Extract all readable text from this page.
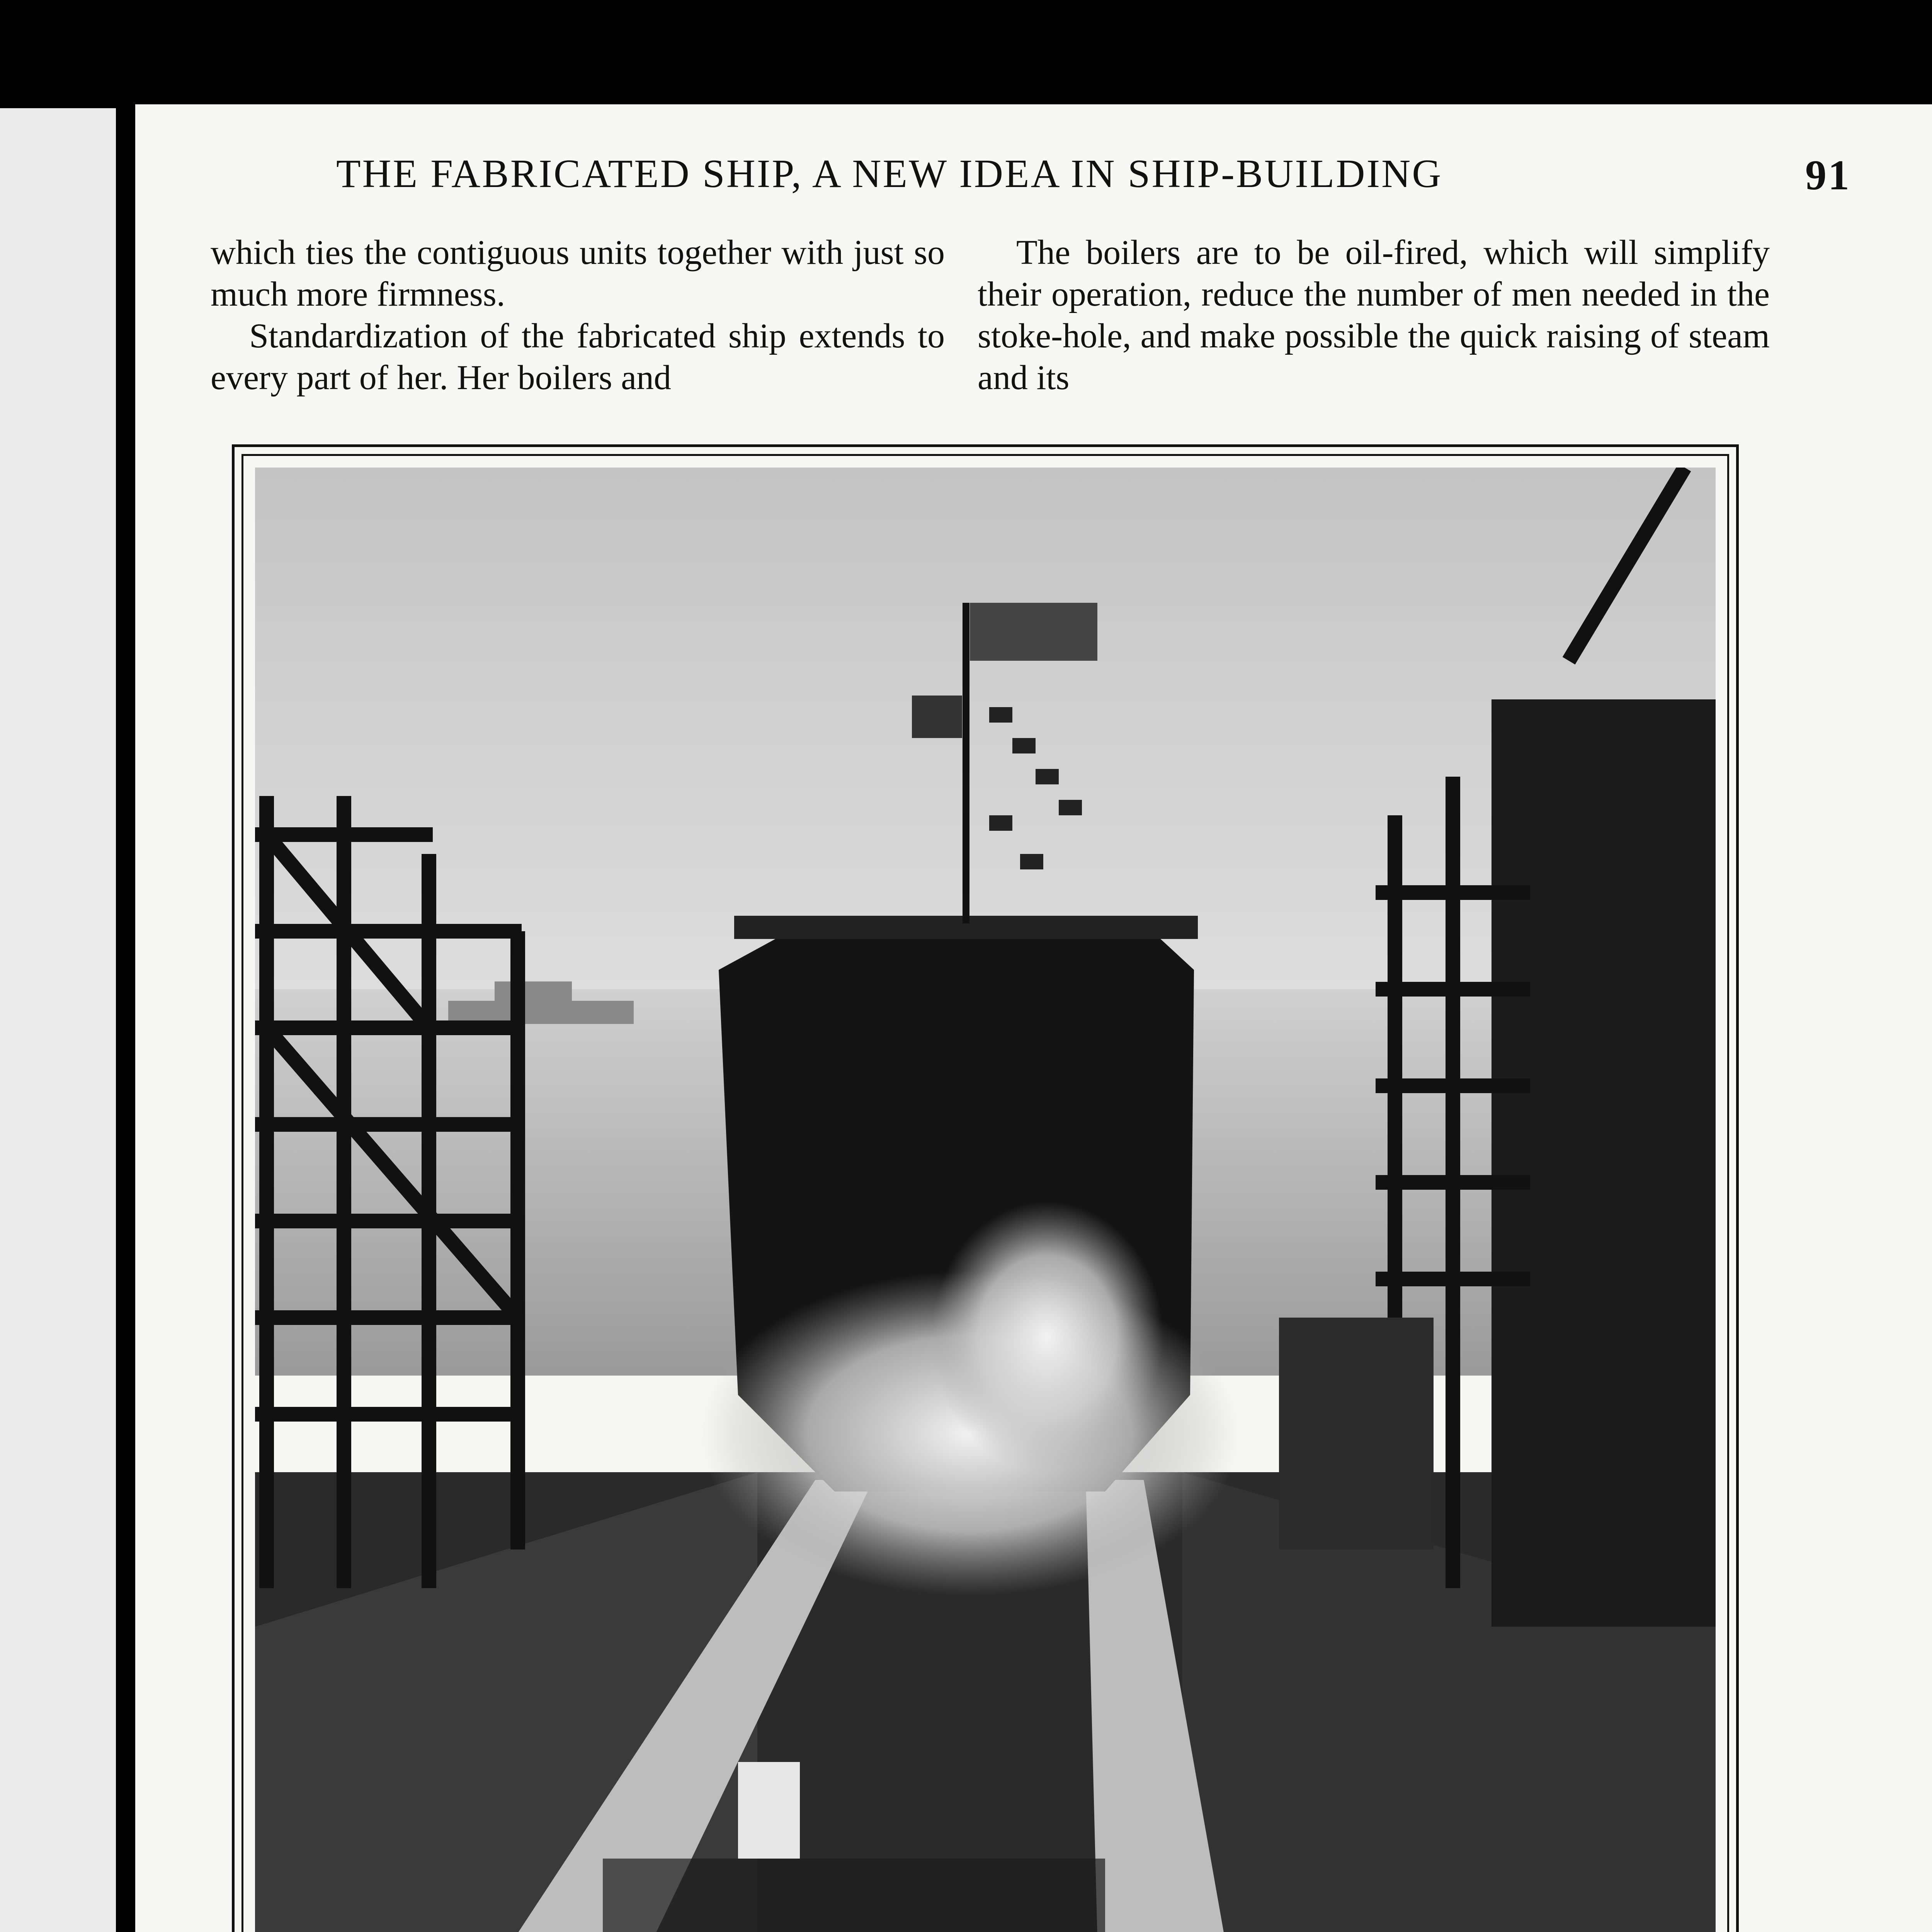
THE FABRICATED SHIP, A NEW IDEA IN SHIP-BUILDING	91

which ties the contiguous units together with just so much more firmness.

Standardization of the fabricated ship extends to every part of her. Her boilers and

The boilers are to be oil-fired, which will simplify their operation, reduce the number of men needed in the stoke-hole, and make possible the quick raising of steam and its
